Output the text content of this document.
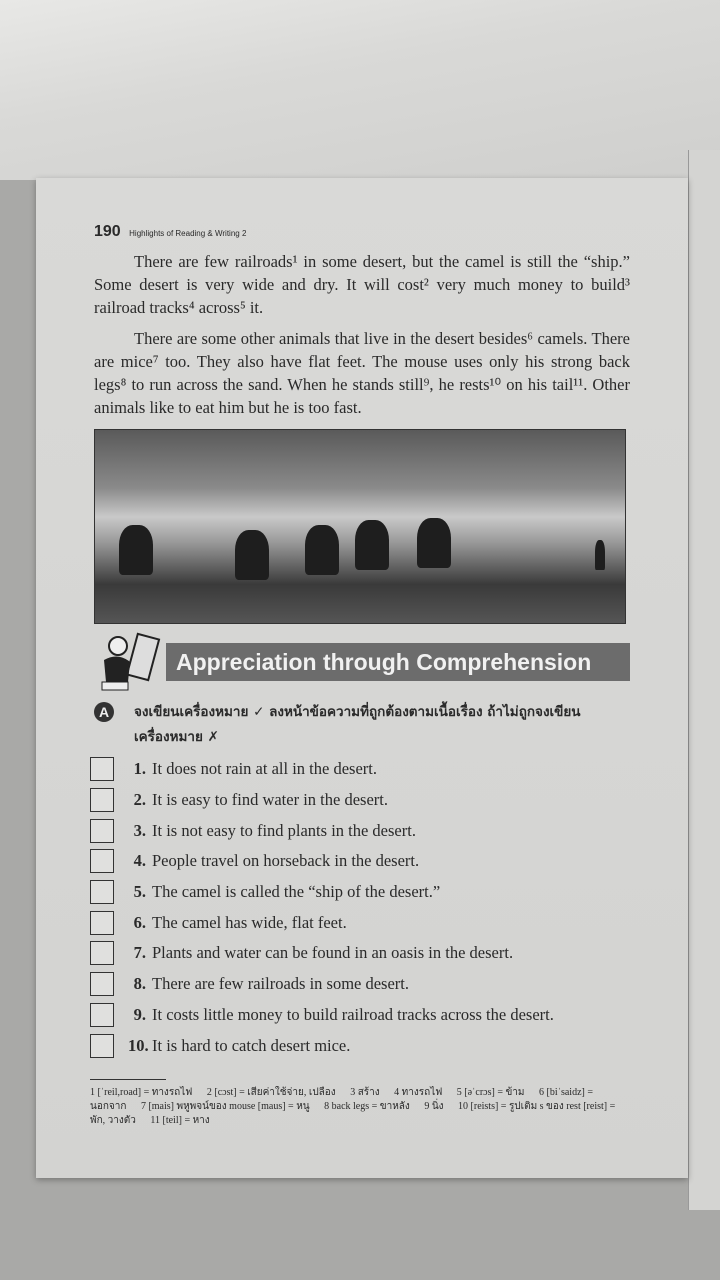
190 Highlights of Reading & Writing 2

There are few railroads¹ in some desert, but the camel is still the “ship.” Some desert is very wide and dry. It will cost² very much money to build³ railroad tracks⁴ across⁵ it.

There are some other animals that live in the desert besides⁶ camels. There are mice⁷ too. They also have flat feet. The mouse uses only his strong back legs⁸ to run across the sand. When he stands still⁹, he rests¹⁰ on his tail¹¹. Other animals like to eat him but he is too fast.

Appreciation through Comprehension
A	จงเขียนเครื่องหมาย ✓ ลงหน้าข้อความที่ถูกต้องตามเนื้อเรื่อง ถ้าไม่ถูกจงเขียนเครื่องหมาย ✗
1. It does not rain at all in the desert.
2. It is easy to find water in the desert.
3. It is not easy to find plants in the desert.
4. People travel on horseback in the desert.
5. The camel is called the “ship of the desert.”
6. The camel has wide, flat feet.
7. Plants and water can be found in an oasis in the desert.
8. There are few railroads in some desert.
9. It costs little money to build railroad tracks across the desert.
10. It is hard to catch desert mice.
1 [ˈreil,road] = ทางรถไฟ 2 [cɔst] = เสียค่าใช้จ่าย, เปลือง 3 สร้าง 4 ทางรถไฟ 5 [əˈcrɔs] = ข้าม 6 [biˈsaidz] = นอกจาก 7 [mais] พหูพจน์ของ mouse [maus] = หนู 8 back legs = ขาหลัง 9 นิ่ง 10 [reists] = รูปเติม s ของ rest [reist] = พัก, วางตัว 11 [teil] = หาง
